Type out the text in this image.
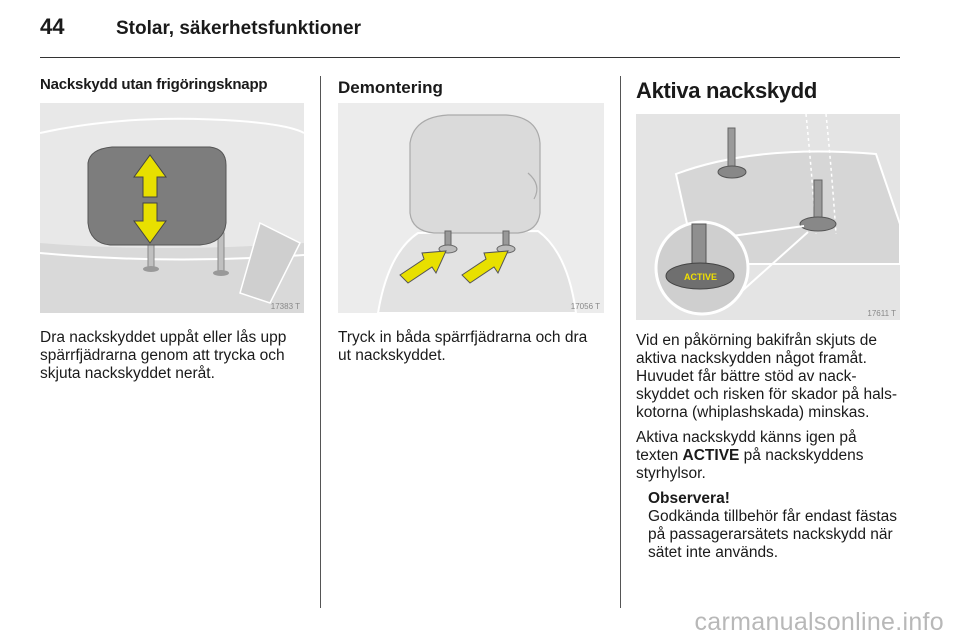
44	Stolar, säkerhetsfunktioner
Nackskydd utan frigöringsknapp
17383 T

Dra nackskyddet uppåt eller lås upp

spärrfjädrarna genom att trycka och

skjuta nackskyddet neråt.

Demontering
17056 T

Tryck in båda spärrfjädrarna och dra

ut nackskyddet.

Aktiva nackskydd
ACTIVE
17611 T

Vid en påkörning bakifrån skjuts de

aktiva nackskydden något framåt.

Huvudet får bättre stöd av nack-

skyddet och risken för skador på hals-

kotorna (whiplashskada) minskas.

Aktiva nackskydd känns igen på

texten ACTIVE på nackskyddens

styrhylsor.

Observera!

Godkända tillbehör får endast fästas

på passagerarsätets nackskydd när

sätet inte används.

carmanualsonline.info
